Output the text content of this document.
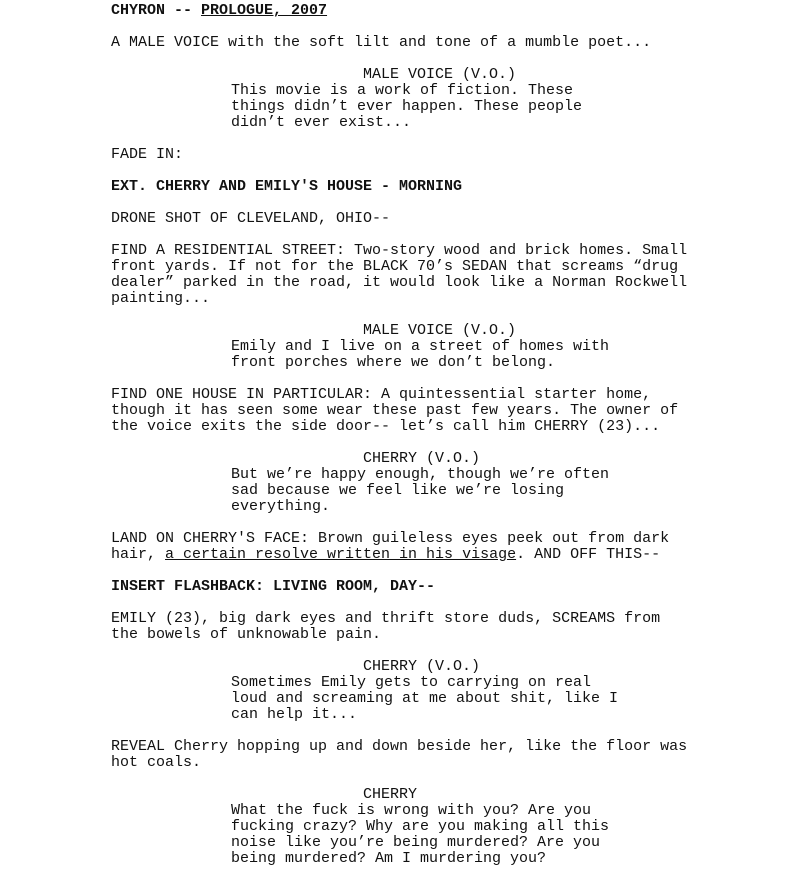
CHYRON -- PROLOGUE, 2007
A MALE VOICE with the soft lilt and tone of a mumble poet...
MALE VOICE (V.O.)
This movie is a work of fiction. These
things didn’t ever happen. These people
didn’t ever exist...
FADE IN:
EXT. CHERRY AND EMILY'S HOUSE - MORNING
DRONE SHOT OF CLEVELAND, OHIO--
FIND A RESIDENTIAL STREET: Two-story wood and brick homes. Small
front yards. If not for the BLACK 70’s SEDAN that screams “drug
dealer” parked in the road, it would look like a Norman Rockwell
painting...
MALE VOICE (V.O.)
Emily and I live on a street of homes with
front porches where we don’t belong.
FIND ONE HOUSE IN PARTICULAR: A quintessential starter home,
though it has seen some wear these past few years. The owner of
the voice exits the side door-- let’s call him CHERRY (23)...
CHERRY (V.O.)
But we’re happy enough, though we’re often
sad because we feel like we’re losing
everything.
LAND ON CHERRY'S FACE: Brown guileless eyes peek out from dark
hair, a certain resolve written in his visage. AND OFF THIS--
INSERT FLASHBACK: LIVING ROOM, DAY--
EMILY (23), big dark eyes and thrift store duds, SCREAMS from
the bowels of unknowable pain.
CHERRY (V.O.)
Sometimes Emily gets to carrying on real
loud and screaming at me about shit, like I
can help it...
REVEAL Cherry hopping up and down beside her, like the floor was
hot coals.
CHERRY
What the fuck is wrong with you? Are you
fucking crazy? Why are you making all this
noise like you’re being murdered? Are you
being murdered? Am I murdering you?
